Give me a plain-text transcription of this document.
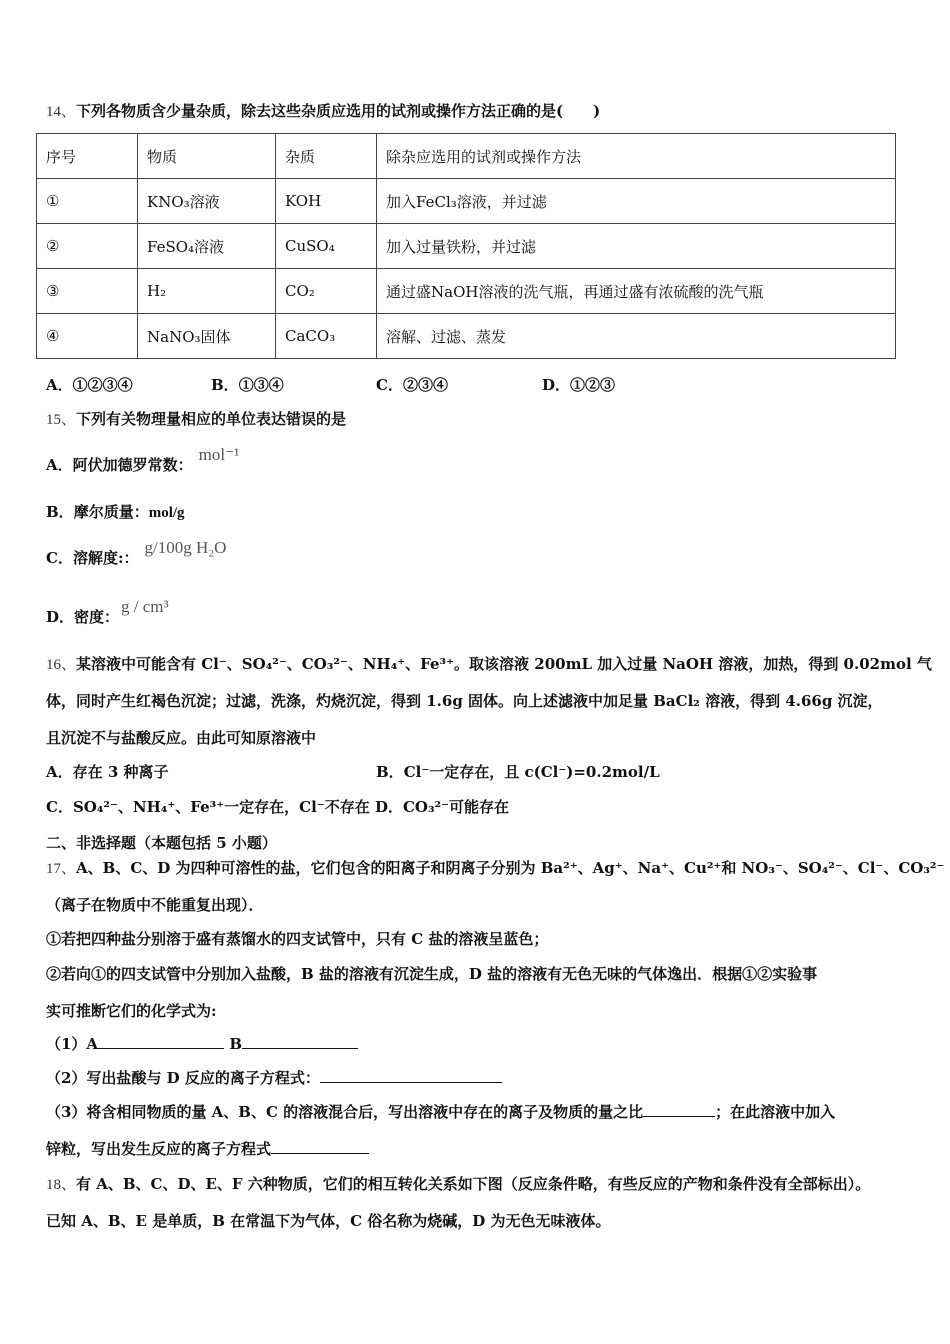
14、下列各物质含少量杂质，除去这些杂质应选用的试剂或操作方法正确的是(　　)
序号	物质	杂质	除杂应选用的试剂或操作方法
①	KNO₃溶液	KOH	加入FeCl₃溶液，并过滤
②	FeSO₄溶液	CuSO₄	加入过量铁粉，并过滤
③	H₂	CO₂	通过盛NaOH溶液的洗气瓶，再通过盛有浓硫酸的洗气瓶
④	NaNO₃固体	CaCO₃	溶解、过滤、蒸发
A．①②③④	B．①③④	C．②③④	D．①②③
15、下列有关物理量相应的单位表达错误的是
A．阿伏加德罗常数：mol⁻¹
B．摩尔质量：mol/g
C．溶解度:：g/100g H₂O
D．密度：g / cm³
16、某溶液中可能含有 Cl⁻、SO₄²⁻、CO₃²⁻、NH₄⁺、Fe³⁺。取该溶液 200mL 加入过量 NaOH 溶液，加热，得到 0.02mol 气
体，同时产生红褐色沉淀；过滤，洗涤，灼烧沉淀，得到 1.6g 固体。向上述滤液中加足量 BaCl₂ 溶液，得到 4.66g 沉淀，
且沉淀不与盐酸反应。由此可知原溶液中
A．存在 3 种离子	B．Cl⁻一定存在，且 c(Cl⁻)=0.2mol/L
C．SO₄²⁻、NH₄⁺、Fe³⁺一定存在，Cl⁻不存在 D．CO₃²⁻可能存在
二、非选择题（本题包括 5 小题）
17、A、B、C、D 为四种可溶性的盐，它们包含的阳离子和阴离子分别为 Ba²⁺、Ag⁺、Na⁺、Cu²⁺和 NO₃⁻、SO₄²⁻、Cl⁻、CO₃²⁻
（离子在物质中不能重复出现）．
①若把四种盐分别溶于盛有蒸馏水的四支试管中，只有 C 盐的溶液呈蓝色；
②若向①的四支试管中分别加入盐酸，B 盐的溶液有沉淀生成，D 盐的溶液有无色无味的气体逸出．根据①②实验事
实可推断它们的化学式为:
（1）A	B
（2）写出盐酸与 D 反应的离子方程式：
（3）将含相同物质的量 A、B、C 的溶液混合后，写出溶液中存在的离子及物质的量之比	；在此溶液中加入
锌粒，写出发生反应的离子方程式
18、有 A、B、C、D、E、F 六种物质，它们的相互转化关系如下图（反应条件略，有些反应的产物和条件没有全部标出）。
已知 A、B、E 是单质，B 在常温下为气体，C 俗名称为烧碱，D 为无色无味液体。
